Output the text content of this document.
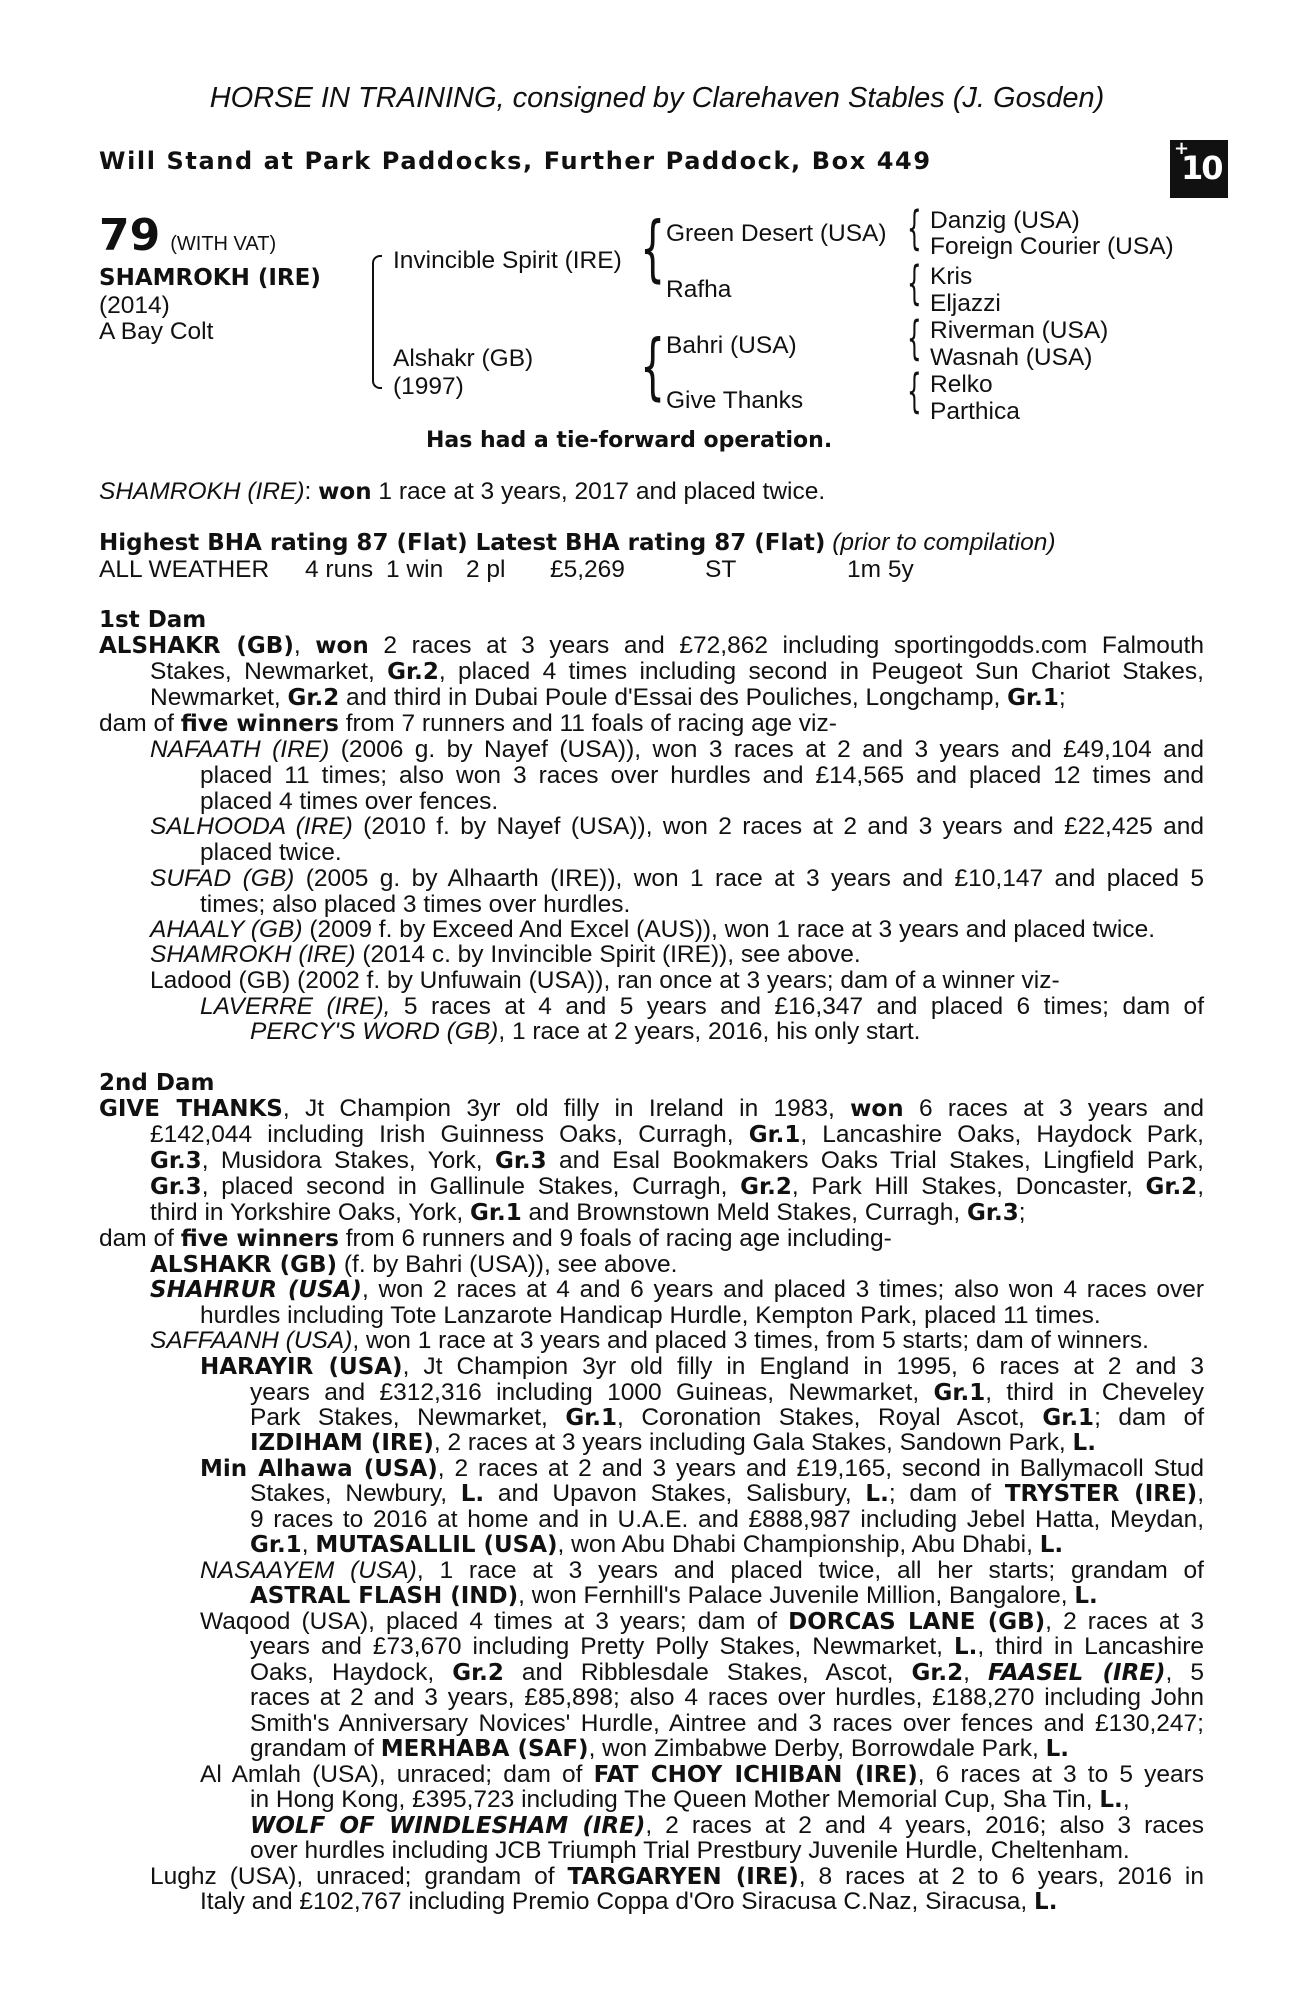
HORSE IN TRAINING, consigned by Clarehaven Stables (J. Gosden)
Will Stand at Park Paddocks, Further Paddock, Box 449	+
10
79 (WITH VAT)
SHAMROKH (IRE)
(2014)
A Bay Colt
Invincible Spirit (IRE)
Alshakr (GB)
(1997)
{ Green Desert (USA)
Rafha
{ Bahri (USA)
Give Thanks
{ Danzig (USA)
Foreign Courier (USA)
{ Kris
Eljazzi
{ Riverman (USA)
Wasnah (USA)
{ Relko
Parthica
Has had a tie-forward operation.
SHAMROKH (IRE): won 1 race at 3 years, 2017 and placed twice.
Highest BHA rating 87 (Flat) Latest BHA rating 87 (Flat) (prior to compilation)
ALL WEATHER 4 runs 1 win 2 pl £5,269	ST	1m 5y
1st Dam
ALSHAKR (GB), won 2 races at 3 years and £72,862 including sportingodds.com Falmouth
Stakes, Newmarket, Gr.2, placed 4 times including second in Peugeot Sun Chariot Stakes,
Newmarket, Gr.2 and third in Dubai Poule d'Essai des Pouliches, Longchamp, Gr.1;
dam of five winners from 7 runners and 11 foals of racing age viz-
NAFAATH (IRE) (2006 g. by Nayef (USA)), won 3 races at 2 and 3 years and £49,104 and
placed 11 times; also won 3 races over hurdles and £14,565 and placed 12 times and
placed 4 times over fences.
SALHOODA (IRE) (2010 f. by Nayef (USA)), won 2 races at 2 and 3 years and £22,425 and
placed twice.
SUFAD (GB) (2005 g. by Alhaarth (IRE)), won 1 race at 3 years and £10,147 and placed 5
times; also placed 3 times over hurdles.
AHAALY (GB) (2009 f. by Exceed And Excel (AUS)), won 1 race at 3 years and placed twice.
SHAMROKH (IRE) (2014 c. by Invincible Spirit (IRE)), see above.
Ladood (GB) (2002 f. by Unfuwain (USA)), ran once at 3 years; dam of a winner viz-
LAVERRE (IRE), 5 races at 4 and 5 years and £16,347 and placed 6 times; dam of
PERCY'S WORD (GB), 1 race at 2 years, 2016, his only start.
2nd Dam
GIVE THANKS, Jt Champion 3yr old filly in Ireland in 1983, won 6 races at 3 years and
£142,044 including Irish Guinness Oaks, Curragh, Gr.1, Lancashire Oaks, Haydock Park,
Gr.3, Musidora Stakes, York, Gr.3 and Esal Bookmakers Oaks Trial Stakes, Lingfield Park,
Gr.3, placed second in Gallinule Stakes, Curragh, Gr.2, Park Hill Stakes, Doncaster, Gr.2,
third in Yorkshire Oaks, York, Gr.1 and Brownstown Meld Stakes, Curragh, Gr.3;
dam of five winners from 6 runners and 9 foals of racing age including-
ALSHAKR (GB) (f. by Bahri (USA)), see above.
SHAHRUR (USA), won 2 races at 4 and 6 years and placed 3 times; also won 4 races over
hurdles including Tote Lanzarote Handicap Hurdle, Kempton Park, placed 11 times.
SAFFAANH (USA), won 1 race at 3 years and placed 3 times, from 5 starts; dam of winners.
HARAYIR (USA), Jt Champion 3yr old filly in England in 1995, 6 races at 2 and 3
years and £312,316 including 1000 Guineas, Newmarket, Gr.1, third in Cheveley
Park Stakes, Newmarket, Gr.1, Coronation Stakes, Royal Ascot, Gr.1; dam of
IZDIHAM (IRE), 2 races at 3 years including Gala Stakes, Sandown Park, L.
Min Alhawa (USA), 2 races at 2 and 3 years and £19,165, second in Ballymacoll Stud
Stakes, Newbury, L. and Upavon Stakes, Salisbury, L.; dam of TRYSTER (IRE),
9 races to 2016 at home and in U.A.E. and £888,987 including Jebel Hatta, Meydan,
Gr.1, MUTASALLIL (USA), won Abu Dhabi Championship, Abu Dhabi, L.
NASAAYEM (USA), 1 race at 3 years and placed twice, all her starts; grandam of
ASTRAL FLASH (IND), won Fernhill's Palace Juvenile Million, Bangalore, L.
Waqood (USA), placed 4 times at 3 years; dam of DORCAS LANE (GB), 2 races at 3
years and £73,670 including Pretty Polly Stakes, Newmarket, L., third in Lancashire
Oaks, Haydock, Gr.2 and Ribblesdale Stakes, Ascot, Gr.2, FAASEL (IRE), 5
races at 2 and 3 years, £85,898; also 4 races over hurdles, £188,270 including John
Smith's Anniversary Novices' Hurdle, Aintree and 3 races over fences and £130,247;
grandam of MERHABA (SAF), won Zimbabwe Derby, Borrowdale Park, L.
Al Amlah (USA), unraced; dam of FAT CHOY ICHIBAN (IRE), 6 races at 3 to 5 years
in Hong Kong, £395,723 including The Queen Mother Memorial Cup, Sha Tin, L.,
WOLF OF WINDLESHAM (IRE), 2 races at 2 and 4 years, 2016; also 3 races
over hurdles including JCB Triumph Trial Prestbury Juvenile Hurdle, Cheltenham.
Lughz (USA), unraced; grandam of TARGARYEN (IRE), 8 races at 2 to 6 years, 2016 in
Italy and £102,767 including Premio Coppa d'Oro Siracusa C.Naz, Siracusa, L.
